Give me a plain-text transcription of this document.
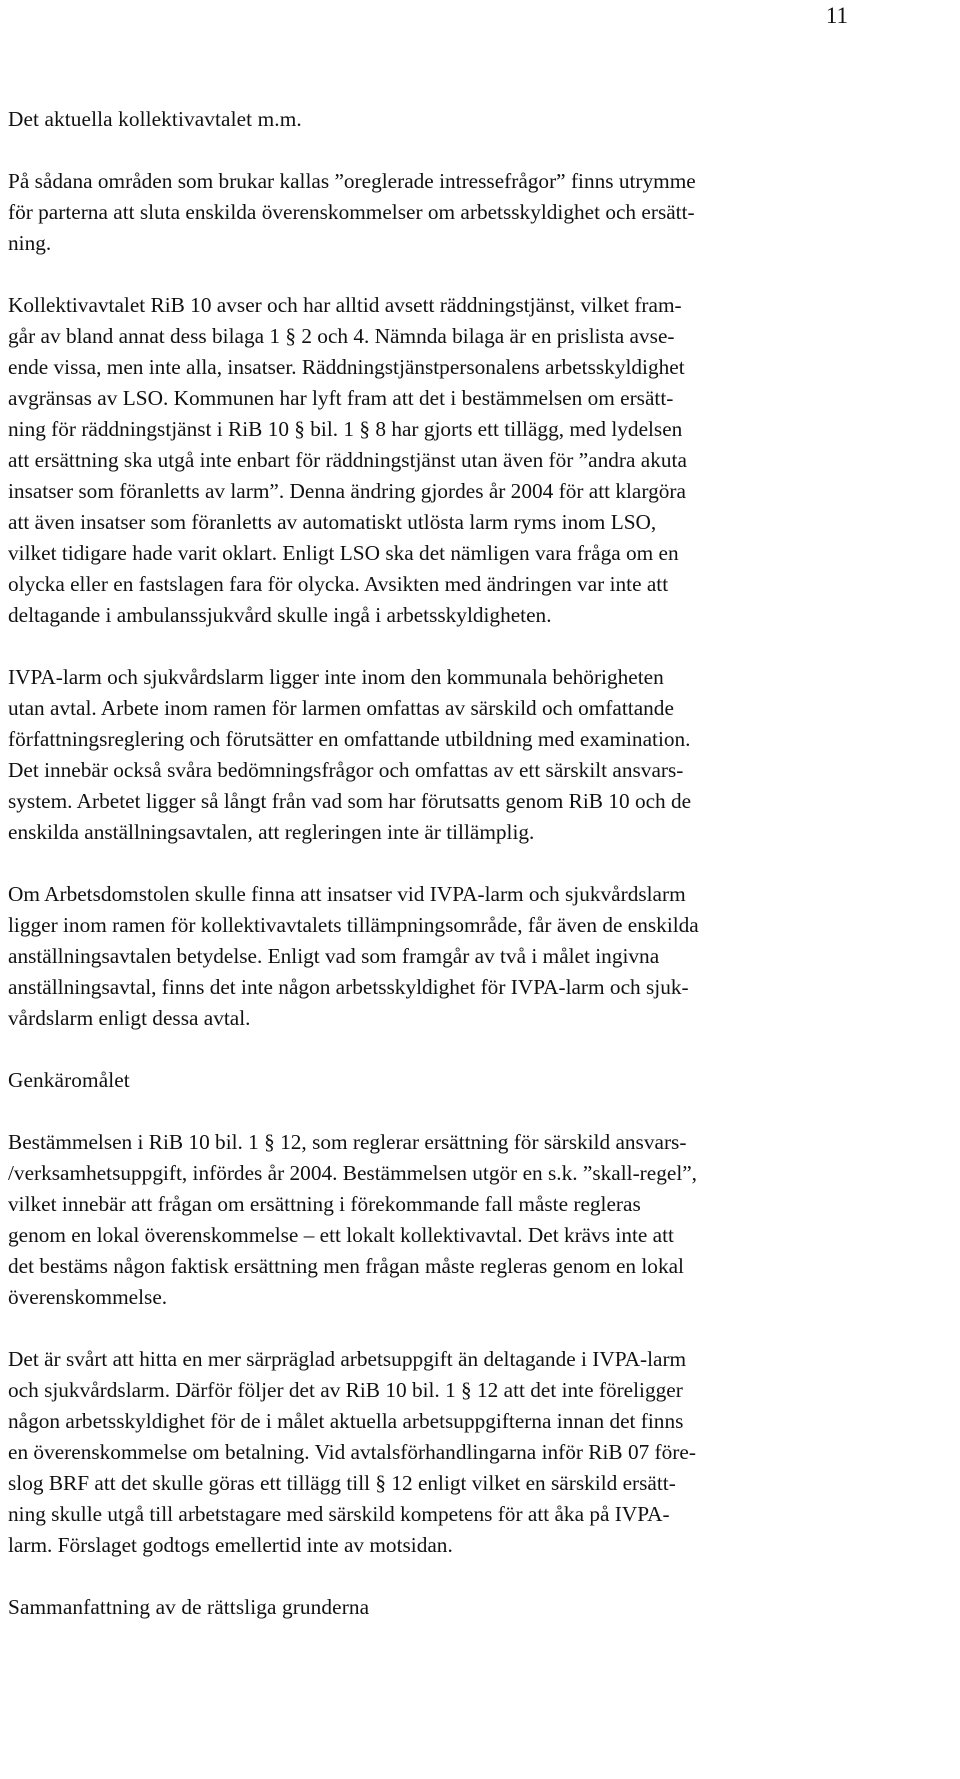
11
Det aktuella kollektivavtalet m.m.
På sådana områden som brukar kallas ”oreglerade intressefrågor” finns utrymme
för parterna att sluta enskilda överenskommelser om arbetsskyldighet och ersätt-
ning.
Kollektivavtalet RiB 10 avser och har alltid avsett räddningstjänst, vilket fram-
går av bland annat dess bilaga 1 § 2 och 4. Nämnda bilaga är en prislista avse-
ende vissa, men inte alla, insatser. Räddningstjänstpersonalens arbetsskyldighet
avgränsas av LSO. Kommunen har lyft fram att det i bestämmelsen om ersätt-
ning för räddningstjänst i RiB 10 § bil. 1 § 8 har gjorts ett tillägg, med lydelsen
att ersättning ska utgå inte enbart för räddningstjänst utan även för ”andra akuta
insatser som föranletts av larm”. Denna ändring gjordes år 2004 för att klargöra
att även insatser som föranletts av automatiskt utlösta larm ryms inom LSO,
vilket tidigare hade varit oklart. Enligt LSO ska det nämligen vara fråga om en
olycka eller en fastslagen fara för olycka. Avsikten med ändringen var inte att
deltagande i ambulanssjukvård skulle ingå i arbetsskyldigheten.
IVPA-larm och sjukvårdslarm ligger inte inom den kommunala behörigheten
utan avtal. Arbete inom ramen för larmen omfattas av särskild och omfattande
författningsreglering och förutsätter en omfattande utbildning med examination.
Det innebär också svåra bedömningsfrågor och omfattas av ett särskilt ansvars-
system. Arbetet ligger så långt från vad som har förutsatts genom RiB 10 och de
enskilda anställningsavtalen, att regleringen inte är tillämplig.
Om Arbetsdomstolen skulle finna att insatser vid IVPA-larm och sjukvårdslarm
ligger inom ramen för kollektivavtalets tillämpningsområde, får även de enskilda
anställningsavtalen betydelse. Enligt vad som framgår av två i målet ingivna
anställningsavtal, finns det inte någon arbetsskyldighet för IVPA-larm och sjuk-
vårdslarm enligt dessa avtal.
Genkäromålet
Bestämmelsen i RiB 10 bil. 1 § 12, som reglerar ersättning för särskild ansvars-
/verksamhetsuppgift, infördes år 2004. Bestämmelsen utgör en s.k. ”skall-regel”,
vilket innebär att frågan om ersättning i förekommande fall måste regleras
genom en lokal överenskommelse – ett lokalt kollektivavtal. Det krävs inte att
det bestäms någon faktisk ersättning men frågan måste regleras genom en lokal
överenskommelse.
Det är svårt att hitta en mer särpräglad arbetsuppgift än deltagande i IVPA-larm
och sjukvårdslarm. Därför följer det av RiB 10 bil. 1 § 12 att det inte föreligger
någon arbetsskyldighet för de i målet aktuella arbetsuppgifterna innan det finns
en överenskommelse om betalning. Vid avtalsförhandlingarna inför RiB 07 före-
slog BRF att det skulle göras ett tillägg till § 12 enligt vilket en särskild ersätt-
ning skulle utgå till arbetstagare med särskild kompetens för att åka på IVPA-
larm. Förslaget godtogs emellertid inte av motsidan.
Sammanfattning av de rättsliga grunderna
